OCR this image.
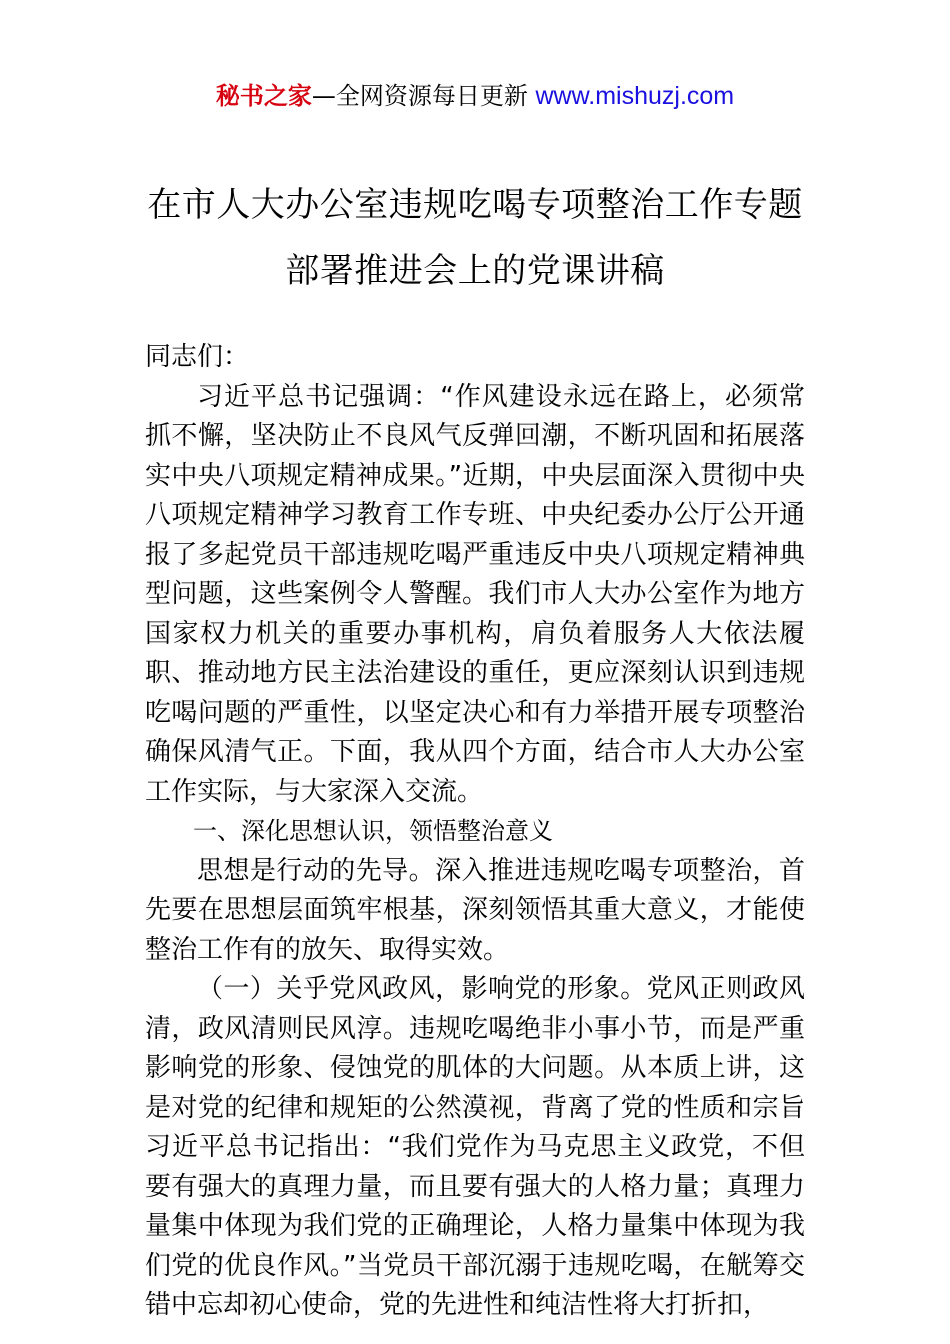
秘书之家—全网资源每日更新 www.mishuzj.com
在市人大办公室违规吃喝专项整治工作专题部署推进会上的党课讲稿

同志们：

习近平总书记强调：“作风建设永远在路上，必须常抓不懈，坚决防止不良风气反弹回潮，不断巩固和拓展落实中央八项规定精神成果。”近期，中央层面深入贯彻中央八项规定精神学习教育工作专班、中央纪委办公厅公开通报了多起党员干部违规吃喝严重违反中央八项规定精神典型问题，这些案例令人警醒。我们市人大办公室作为地方国家权力机关的重要办事机构，肩负着服务人大依法履职、推动地方民主法治建设的重任，更应深刻认识到违规吃喝问题的严重性，以坚定决心和有力举措开展专项整治确保风清气正。下面，我从四个方面，结合市人大办公室工作实际，与大家深入交流。

一、深化思想认识，领悟整治意义

思想是行动的先导。深入推进违规吃喝专项整治，首先要在思想层面筑牢根基，深刻领悟其重大意义，才能使整治工作有的放矢、取得实效。

（一）关乎党风政风，影响党的形象。党风正则政风清，政风清则民风淳。违规吃喝绝非小事小节，而是严重影响党的形象、侵蚀党的肌体的大问题。从本质上讲，这是对党的纪律和规矩的公然漠视，背离了党的性质和宗旨习近平总书记指出：“我们党作为马克思主义政党，不但要有强大的真理力量，而且要有强大的人格力量；真理力量集中体现为我们党的正确理论，人格力量集中体现为我们党的优良作风。”当党员干部沉溺于违规吃喝，在觥筹交错中忘却初心使命，党的先进性和纯洁性将大打折扣，
